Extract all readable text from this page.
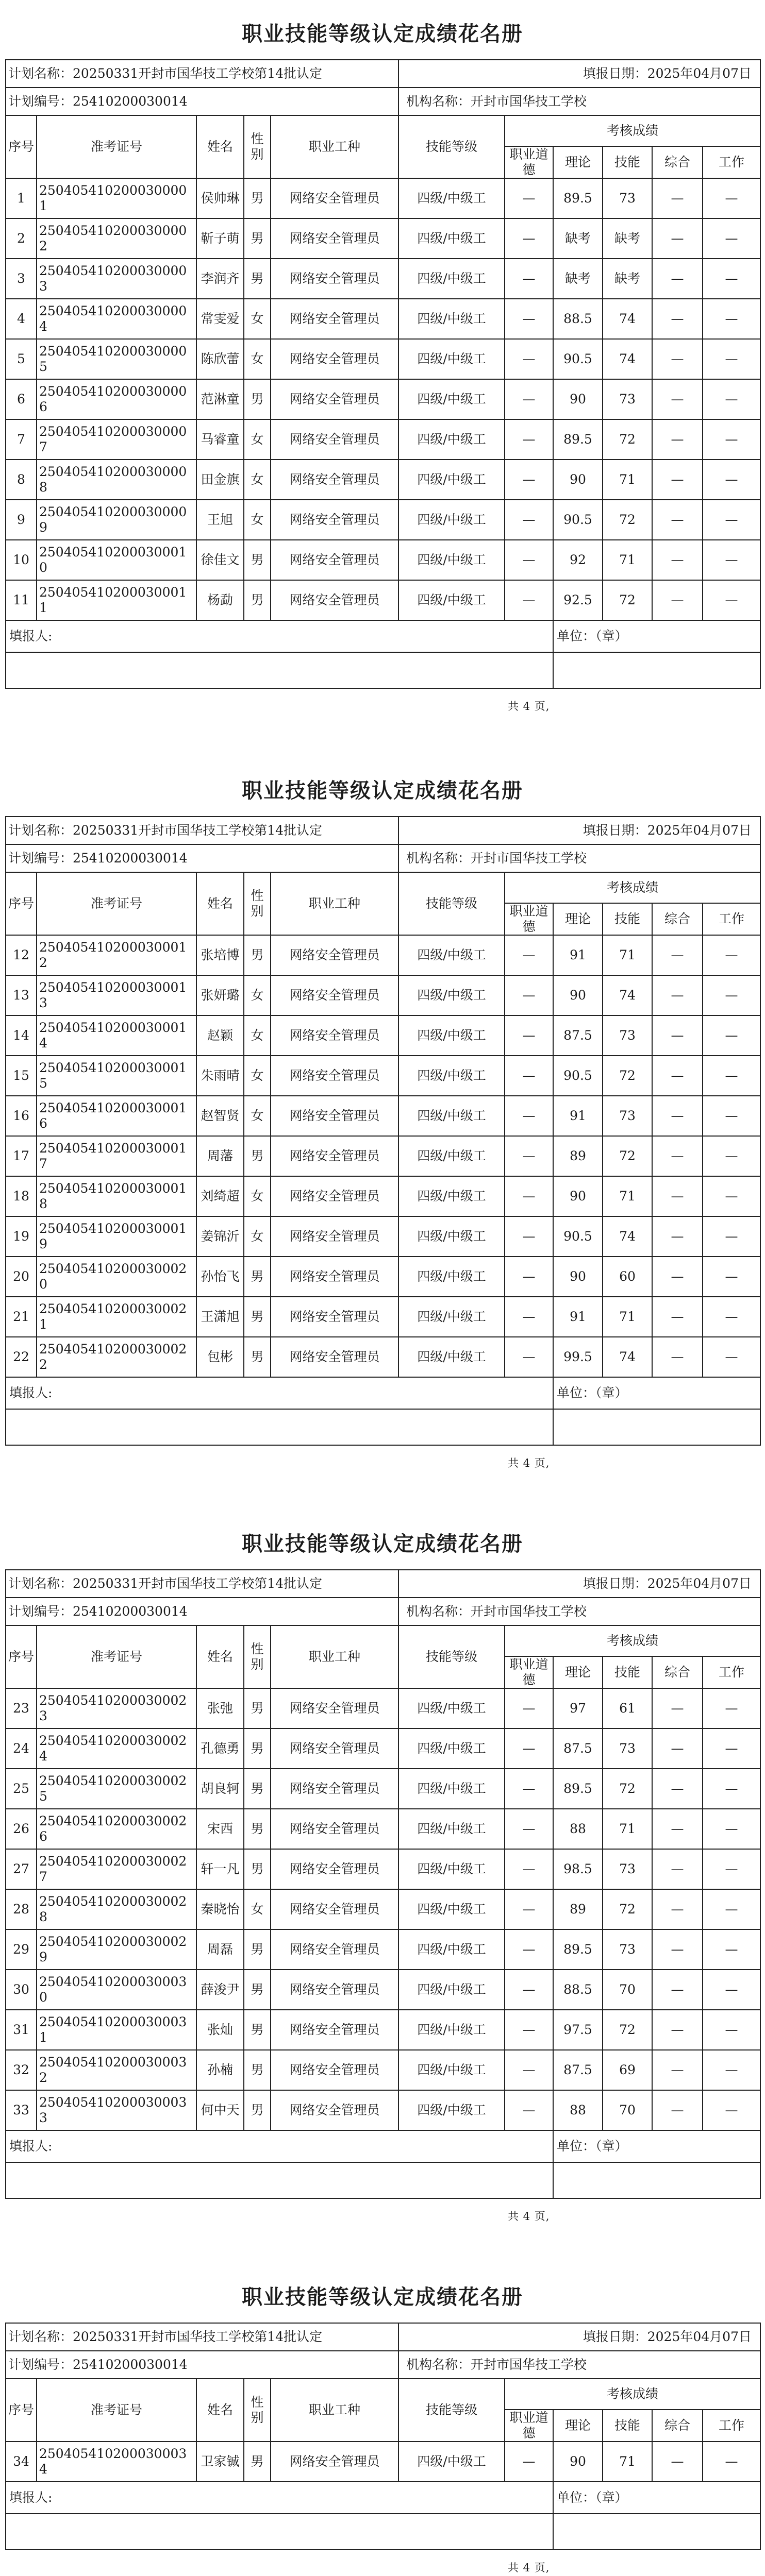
职业技能等级认定成绩花名册
计划名称：20250331开封市国华技工学校第14批认定					填报日期：2025年04月07日					
计划编号：25410200030014					机构名称：开封市国华技工学校					
序号	准考证号	姓名	性别	职业工种	技能等级	考核成绩				
						职业道德	理论	技能	综合	工作
1	2504054102000300001	侯帅琳	男	网络安全管理员	四级/中级工	—	89.5	73	—	—
2	2504054102000300002	靳子萌	男	网络安全管理员	四级/中级工	—	缺考	缺考	—	—
3	2504054102000300003	李润齐	男	网络安全管理员	四级/中级工	—	缺考	缺考	—	—
4	2504054102000300004	常雯爱	女	网络安全管理员	四级/中级工	—	88.5	74	—	—
5	2504054102000300005	陈欣蕾	女	网络安全管理员	四级/中级工	—	90.5	74	—	—
6	2504054102000300006	范淋童	男	网络安全管理员	四级/中级工	—	90	73	—	—
7	2504054102000300007	马睿童	女	网络安全管理员	四级/中级工	—	89.5	72	—	—
8	2504054102000300008	田金旗	女	网络安全管理员	四级/中级工	—	90	71	—	—
9	2504054102000300009	王旭	女	网络安全管理员	四级/中级工	—	90.5	72	—	—
10	2504054102000300010	徐佳文	男	网络安全管理员	四级/中级工	—	92	71	—	—
11	2504054102000300011	杨勐	男	网络安全管理员	四级/中级工	—	92.5	72	—	—
填报人:							单位：（章）			

共 4 页,
职业技能等级认定成绩花名册
计划名称：20250331开封市国华技工学校第14批认定					填报日期：2025年04月07日					
计划编号：25410200030014					机构名称：开封市国华技工学校					
序号	准考证号	姓名	性别	职业工种	技能等级	考核成绩				
						职业道德	理论	技能	综合	工作
12	2504054102000300012	张培博	男	网络安全管理员	四级/中级工	—	91	71	—	—
13	2504054102000300013	张妍璐	女	网络安全管理员	四级/中级工	—	90	74	—	—
14	2504054102000300014	赵颖	女	网络安全管理员	四级/中级工	—	87.5	73	—	—
15	2504054102000300015	朱雨晴	女	网络安全管理员	四级/中级工	—	90.5	72	—	—
16	2504054102000300016	赵智贤	女	网络安全管理员	四级/中级工	—	91	73	—	—
17	2504054102000300017	周藩	男	网络安全管理员	四级/中级工	—	89	72	—	—
18	2504054102000300018	刘绮超	女	网络安全管理员	四级/中级工	—	90	71	—	—
19	2504054102000300019	姜锦沂	女	网络安全管理员	四级/中级工	—	90.5	74	—	—
20	2504054102000300020	孙怡飞	男	网络安全管理员	四级/中级工	—	90	60	—	—
21	2504054102000300021	王潇旭	男	网络安全管理员	四级/中级工	—	91	71	—	—
22	2504054102000300022	包彬	男	网络安全管理员	四级/中级工	—	99.5	74	—	—
填报人:							单位：（章）			

共 4 页,
职业技能等级认定成绩花名册
计划名称：20250331开封市国华技工学校第14批认定					填报日期：2025年04月07日					
计划编号：25410200030014					机构名称：开封市国华技工学校					
序号	准考证号	姓名	性别	职业工种	技能等级	考核成绩				
						职业道德	理论	技能	综合	工作
23	2504054102000300023	张弛	男	网络安全管理员	四级/中级工	—	97	61	—	—
24	2504054102000300024	孔德勇	男	网络安全管理员	四级/中级工	—	87.5	73	—	—
25	2504054102000300025	胡良轲	男	网络安全管理员	四级/中级工	—	89.5	72	—	—
26	2504054102000300026	宋西	男	网络安全管理员	四级/中级工	—	88	71	—	—
27	2504054102000300027	轩一凡	男	网络安全管理员	四级/中级工	—	98.5	73	—	—
28	2504054102000300028	秦晓怡	女	网络安全管理员	四级/中级工	—	89	72	—	—
29	2504054102000300029	周磊	男	网络安全管理员	四级/中级工	—	89.5	73	—	—
30	2504054102000300030	薛浚尹	男	网络安全管理员	四级/中级工	—	88.5	70	—	—
31	2504054102000300031	张灿	男	网络安全管理员	四级/中级工	—	97.5	72	—	—
32	2504054102000300032	孙楠	男	网络安全管理员	四级/中级工	—	87.5	69	—	—
33	2504054102000300033	何中天	男	网络安全管理员	四级/中级工	—	88	70	—	—
填报人:							单位：（章）			

共 4 页,
职业技能等级认定成绩花名册
计划名称：20250331开封市国华技工学校第14批认定					填报日期：2025年04月07日					
计划编号：25410200030014					机构名称：开封市国华技工学校					
序号	准考证号	姓名	性别	职业工种	技能等级	考核成绩				
						职业道德	理论	技能	综合	工作
34	2504054102000300034	卫家铖	男	网络安全管理员	四级/中级工	—	90	71	—	—
填报人:							单位：（章）			

共 4 页,
